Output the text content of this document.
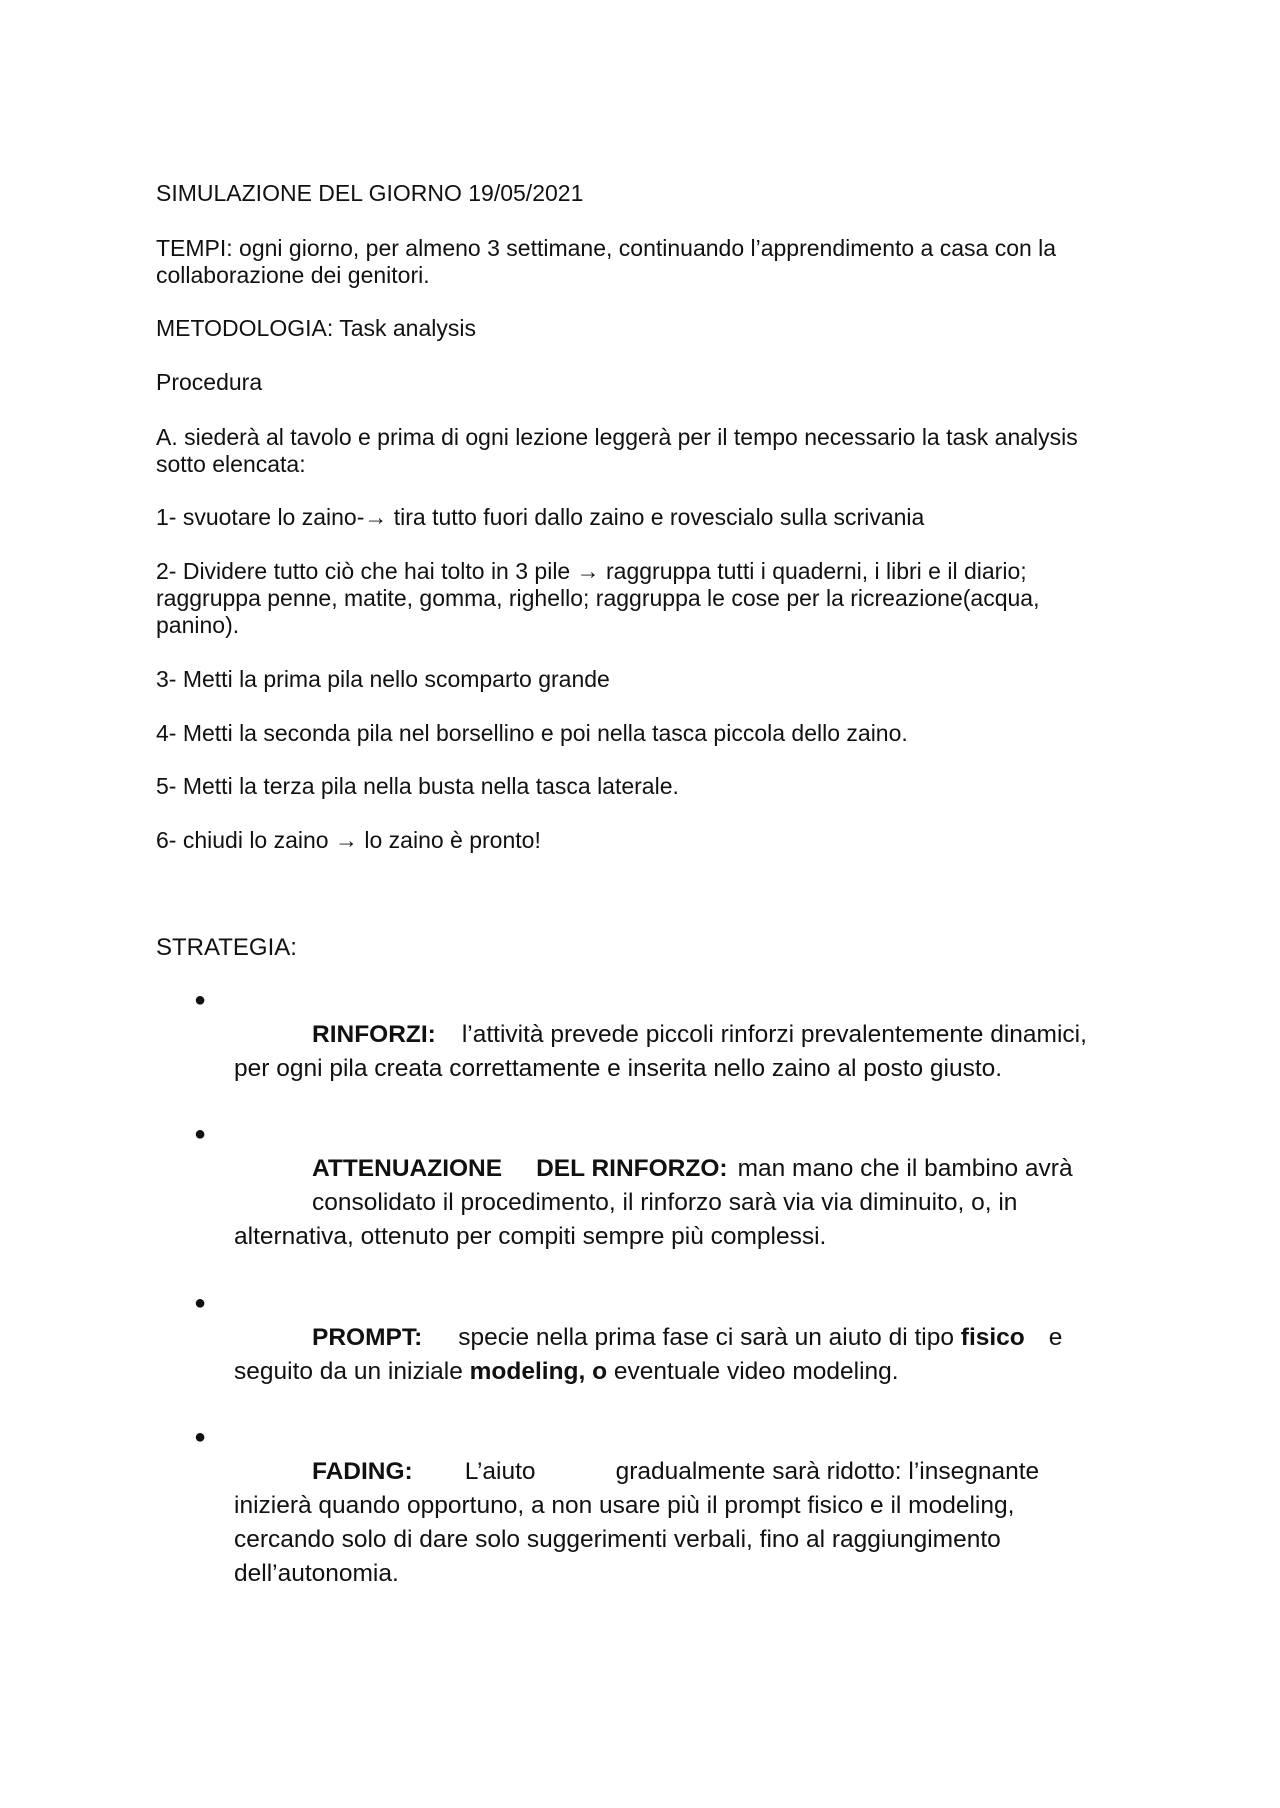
SIMULAZIONE DEL GIORNO 19/05/2021

TEMPI: ogni giorno, per almeno 3 settimane, continuando l’apprendimento a casa con la

collaborazione dei genitori.

METODOLOGIA: Task analysis

Procedura

A. siederà al tavolo e prima di ogni lezione leggerà per il tempo necessario la task analysis

sotto elencata:

1- svuotare lo zaino-→ tira tutto fuori dallo zaino e rovescialo sulla scrivania

2- Dividere tutto ciò che hai tolto in 3 pile → raggruppa tutti i quaderni, i libri e il diario;

raggruppa penne, matite, gomma, righello; raggruppa le cose per la ricreazione(acqua,

panino).

3- Metti la prima pila nello scomparto grande

4- Metti la seconda pila nel borsellino e poi nella tasca piccola dello zaino.

5- Metti la terza pila nella busta nella tasca laterale.

6- chiudi lo zaino → lo zaino è pronto!

STRATEGIA:

●

RINFORZI: l’attività prevede piccoli rinforzi prevalentemente dinamici,

per ogni pila creata correttamente e inserita nello zaino al posto giusto.

●

ATTENUAZIONE DEL RINFORZO: man mano che il bambino avrà

consolidato il procedimento, il rinforzo sarà via via diminuito, o, in

alternativa, ottenuto per compiti sempre più complessi.

●

PROMPT: specie nella prima fase ci sarà un aiuto di tipo fisico e

seguito da un iniziale modeling, o eventuale video modeling.

●

FADING: L’aiuto	gradualmente sarà ridotto: l’insegnante

inizierà quando opportuno, a non usare più il prompt fisico e il modeling,

cercando solo di dare solo suggerimenti verbali, fino al raggiungimento

dell’autonomia.
